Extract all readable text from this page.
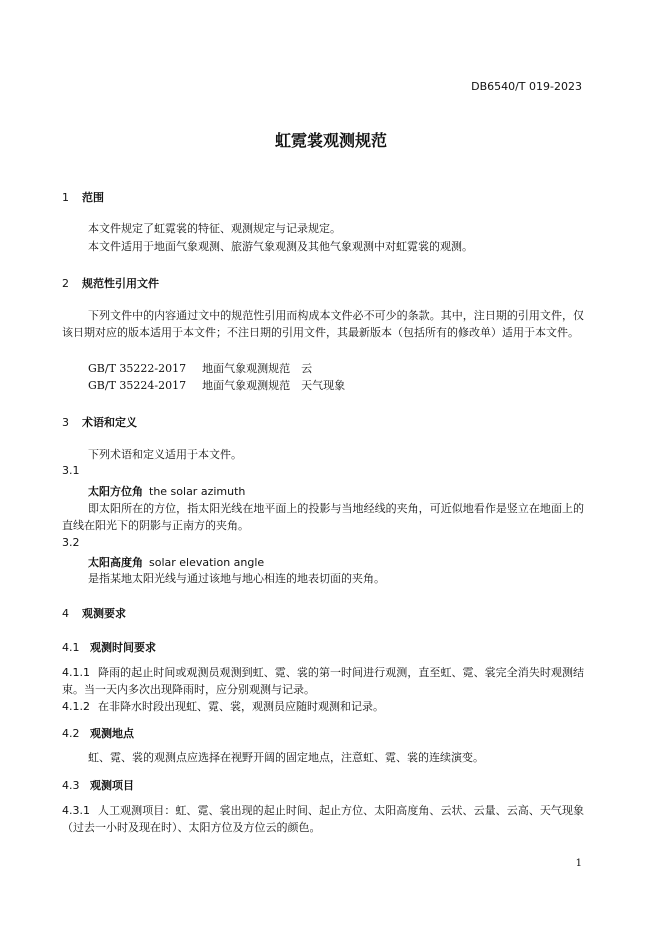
DB6540/T 019-2023
虹霓裳观测规范
1 范围
本文件规定了虹霓裳的特征、观测规定与记录规定。
本文件适用于地面气象观测、旅游气象观测及其他气象观测中对虹霓裳的观测。
2 规范性引用文件
下列文件中的内容通过文中的规范性引用而构成本文件必不可少的条款。其中，注日期的引用文件，仅该日期对应的版本适用于本文件；不注日期的引用文件，其最新版本（包括所有的修改单）适用于本文件。
GB/T 35222-2017 地面气象观测规范　云
GB/T 35224-2017 地面气象观测规范　天气现象
3 术语和定义
下列术语和定义适用于本文件。
3.1
太阳方位角 the solar azimuth
即太阳所在的方位，指太阳光线在地平面上的投影与当地经线的夹角，可近似地看作是竖立在地面上的直线在阳光下的阴影与正南方的夹角。
3.2
太阳高度角 solar elevation angle
是指某地太阳光线与通过该地与地心相连的地表切面的夹角。
4 观测要求
4.1 观测时间要求
4.1.1 降雨的起止时间或观测员观测到虹、霓、裳的第一时间进行观测，直至虹、霓、裳完全消失时观测结束。当一天内多次出现降雨时，应分别观测与记录。
4.1.2 在非降水时段出现虹、霓、裳，观测员应随时观测和记录。
4.2 观测地点
虹、霓、裳的观测点应选择在视野开阔的固定地点，注意虹、霓、裳的连续演变。
4.3 观测项目
4.3.1 人工观测项目：虹、霓、裳出现的起止时间、起止方位、太阳高度角、云状、云量、云高、天气现象（过去一小时及现在时）、太阳方位及方位云的颜色。
1
